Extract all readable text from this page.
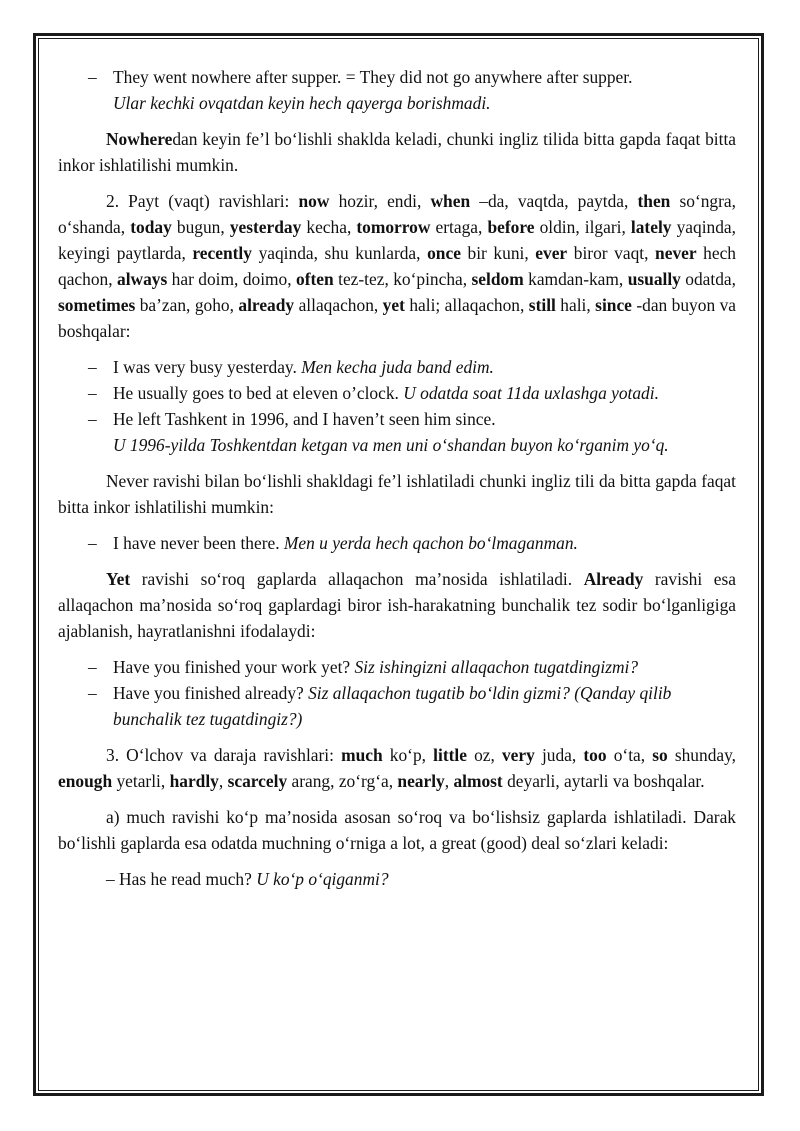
– They went nowhere after supper. = They did not go anywhere after supper.
Ular kechki ovqatdan keyin hech qayerga borishmadi.

Nowheredan keyin fe’l bo‘lishli shaklda keladi, chunki ingliz tilida bitta gapda faqat bitta inkor ishlatilishi mumkin.

2. Payt (vaqt) ravishlari: now hozir, endi, when –da, vaqtda, paytda, then so‘ngra, o‘shanda, today bugun, yesterday kecha, tomorrow ertaga, before oldin, ilgari, lately yaqinda, keyingi paytlarda, recently yaqinda, shu kunlarda, once bir kuni, ever biror vaqt, never hech qachon, always har doim, doimo, often tez-tez, ko‘pincha, seldom kamdan-kam, usually odatda, sometimes ba’zan, goho, already allaqachon, yet hali; allaqachon, still hali, since -dan buyon va boshqalar:

– I was very busy yesterday. Men kecha juda band edim.
– He usually goes to bed at eleven o’clock. U odatda soat 11da uxlashga yotadi.
– He left Tashkent in 1996, and I haven’t seen him since.
U 1996-yilda Toshkentdan ketgan va men uni o‘shandan buyon ko‘rganim yo‘q.

Never ravishi bilan bo‘lishli shakldagi fe’l ishlatiladi chunki ingliz tili da bitta gapda faqat bitta inkor ishlatilishi mumkin:

– I have never been there. Men u yerda hech qachon bo‘lmaganman.

Yet ravishi so‘roq gaplarda allaqachon ma’nosida ishlatiladi. Already ravishi esa allaqachon ma’nosida so‘roq gaplardagi biror ish-harakatning bunchalik tez sodir bo‘lganligiga ajablanish, hayratlanishni ifodalaydi:

– Have you finished your work yet? Siz ishingizni allaqachon tugatdingizmi?
– Have you finished already? Siz allaqachon tugatib bo‘ldin gizmi? (Qanday qilib bunchalik tez tugatdingiz?)

3. O‘lchov va daraja ravishlari: much ko‘p, little oz, very juda, too o‘ta, so shunday, enough yetarli, hardly, scarcely arang, zo‘rg‘a, nearly, almost deyarli, aytarli va boshqalar.

a) much ravishi ko‘p ma’nosida asosan so‘roq va bo‘lishsiz gaplarda ishlatiladi. Darak bo‘lishli gaplarda esa odatda muchning o‘rniga a lot, a great (good) deal so‘zlari keladi:

– Has he read much? U ko‘p o‘qiganmi?
